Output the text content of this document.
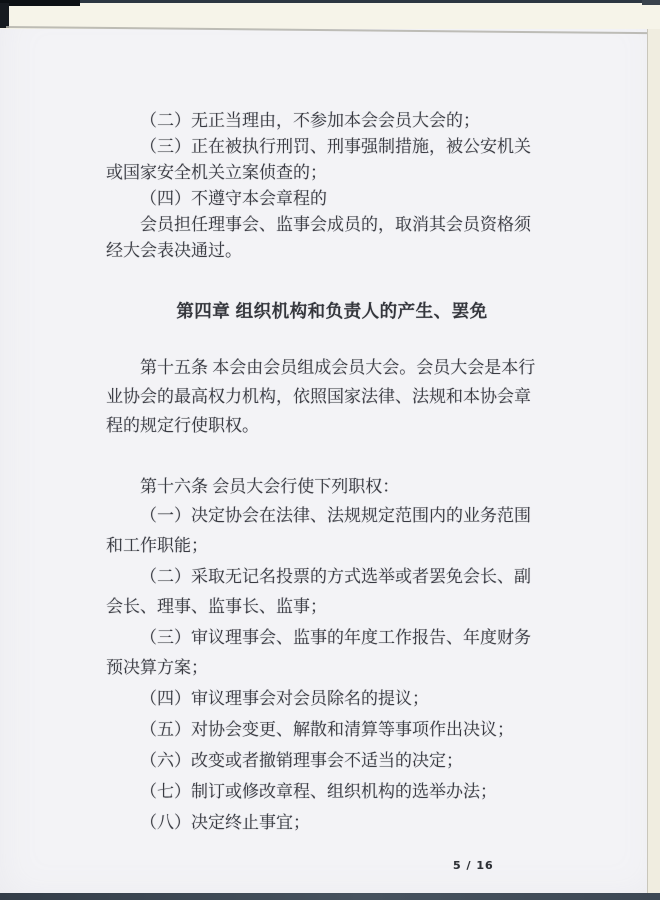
（二）无正当理由，不参加本会会员大会的；
（三）正在被执行刑罚、刑事强制措施，被公安机关
或国家安全机关立案侦查的；
（四）不遵守本会章程的
会员担任理事会、监事会成员的，取消其会员资格须
经大会表决通过。
第四章 组织机构和负责人的产生、罢免
第十五条 本会由会员组成会员大会。会员大会是本行
业协会的最高权力机构，依照国家法律、法规和本协会章
程的规定行使职权。
第十六条 会员大会行使下列职权：
（一）决定协会在法律、法规规定范围内的业务范围
和工作职能；
（二）采取无记名投票的方式选举或者罢免会长、副
会长、理事、监事长、监事；
（三）审议理事会、监事的年度工作报告、年度财务
预决算方案；
（四）审议理事会对会员除名的提议；
（五）对协会变更、解散和清算等事项作出决议；
（六）改变或者撤销理事会不适当的决定；
（七）制订或修改章程、组织机构的选举办法；
（八）决定终止事宜；
5 / 16
